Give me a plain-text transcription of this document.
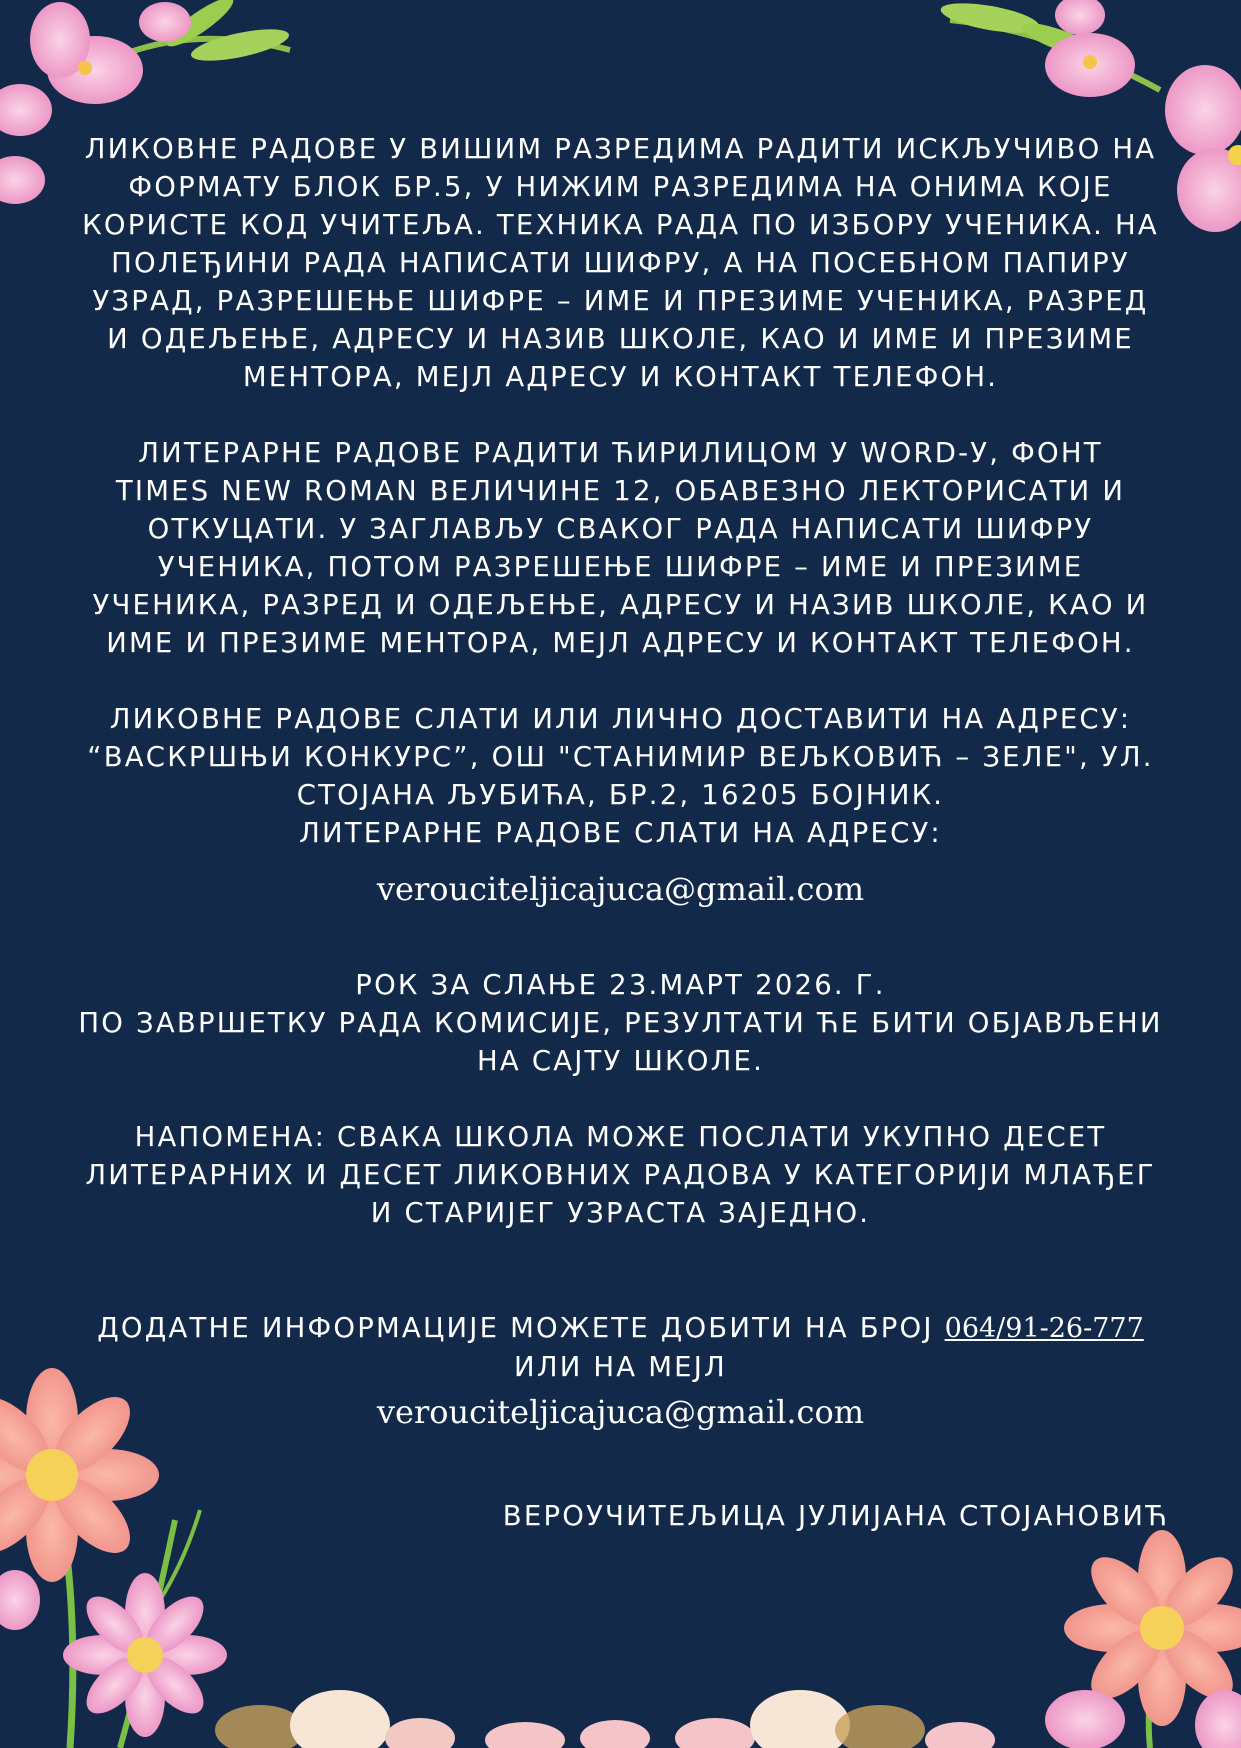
ЛИКОВНЕ РАДОВЕ У ВИШИМ РАЗРЕДИМА РАДИТИ ИСКЉУЧИВО НА
ФОРМАТУ БЛОК БР.5, У НИЖИМ РАЗРЕДИМА НА ОНИМА КОЈЕ
КОРИСТЕ КОД УЧИТЕЉА. ТЕХНИКА РАДА ПО ИЗБОРУ УЧЕНИКА. НА
ПОЛЕЂИНИ РАДА НАПИСАТИ ШИФРУ, А НА ПОСЕБНОМ ПАПИРУ
УЗРАД, РАЗРЕШЕЊЕ ШИФРЕ – ИМЕ И ПРЕЗИМЕ УЧЕНИКА, РАЗРЕД
И ОДЕЉЕЊЕ, АДРЕСУ И НАЗИВ ШКОЛЕ, КАО И ИМЕ И ПРЕЗИМЕ
МЕНТОРА, МЕЈЛ АДРЕСУ И КОНТАКТ ТЕЛЕФОН.
ЛИТЕРАРНЕ РАДОВЕ РАДИТИ ЋИРИЛИЦОМ У WORD-У, ФОНТ
TIMES NEW ROMAN ВЕЛИЧИНЕ 12, ОБАВЕЗНО ЛЕКТОРИСАТИ И
ОТКУЦАТИ. У ЗАГЛАВЉУ СВАКОГ РАДА НАПИСАТИ ШИФРУ
УЧЕНИКА, ПОТОМ РАЗРЕШЕЊЕ ШИФРЕ – ИМЕ И ПРЕЗИМЕ
УЧЕНИКА, РАЗРЕД И ОДЕЉЕЊЕ, АДРЕСУ И НАЗИВ ШКОЛЕ, КАО И
ИМЕ И ПРЕЗИМЕ МЕНТОРА, МЕЈЛ АДРЕСУ И КОНТАКТ ТЕЛЕФОН.
ЛИКОВНЕ РАДОВЕ СЛАТИ ИЛИ ЛИЧНО ДОСТАВИТИ НА АДРЕСУ:
“ВАСКРШЊИ КОНКУРС”, ОШ "СТАНИМИР ВЕЉКОВИЋ – ЗЕЛЕ", УЛ.
СТОЈАНА ЉУБИЋА, БР.2, 16205 БОЈНИК.
ЛИТЕРАРНЕ РАДОВЕ СЛАТИ НА АДРЕСУ:
verouciteljicajuca@gmail.com
РОК ЗА СЛАЊЕ 23.МАРТ 2026. Г.
ПО ЗАВРШЕТКУ РАДА КОМИСИЈЕ, РЕЗУЛТАТИ ЋЕ БИТИ ОБЈАВЉЕНИ
НА САЈТУ ШКОЛЕ.
НАПОМЕНА: СВАКА ШКОЛА МОЖЕ ПОСЛАТИ УКУПНО ДЕСЕТ
ЛИТЕРАРНИХ И ДЕСЕТ ЛИКОВНИХ РАДОВА У КАТЕГОРИЈИ МЛАЂЕГ
И СТАРИЈЕГ УЗРАСТА ЗАЈЕДНО.
ДОДАТНЕ ИНФОРМАЦИЈЕ МОЖЕТЕ ДОБИТИ НА БРОЈ 064/91-26-777
ИЛИ НА МЕЈЛ
verouciteljicajuca@gmail.com
ВЕРОУЧИТЕЉИЦА ЈУЛИЈАНА СТОЈАНОВИЋ
